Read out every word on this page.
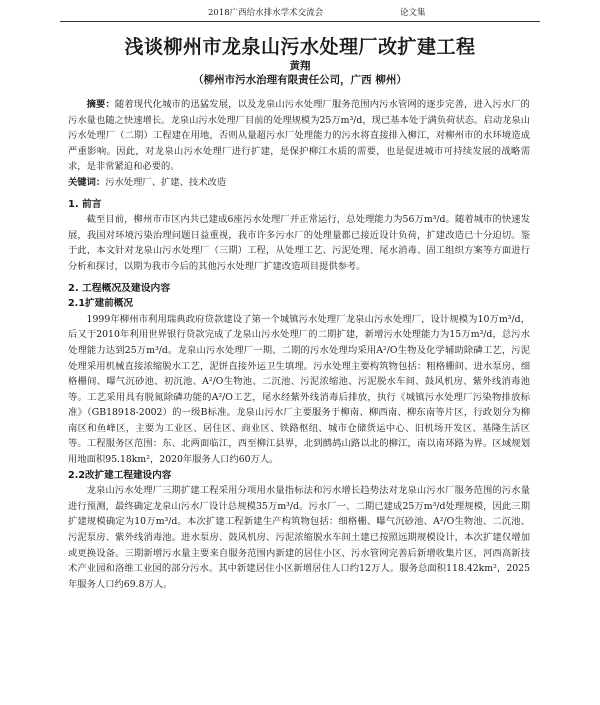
2018广西给水排水学术交流会	论文集
浅谈柳州市龙泉山污水处理厂改扩建工程
黄翔
（柳州市污水治理有限责任公司，广西 柳州）

摘要：随着现代化城市的迅猛发展，以及龙泉山污水处理厂服务范围内污水管网的逐步完善，进入污水厂的污水量也随之快速增长。龙泉山污水处理厂目前的处理规模为25万m³/d，现已基本处于满负荷状态。启动龙泉山污水处理厂（二期）工程建在用地，否则从量超污水厂处理能力的污水将直接排入柳江，对柳州市的水环境造成严重影响。因此，对龙泉山污水处理厂进行扩建，是保护柳江水质的需要，也是促进城市可持续发展的战略需求，是非常紧迫和必要的。

关键词：污水处理厂、扩建、技术改造

1. 前言

截至目前，柳州市市区内共已建成6座污水处理厂并正常运行，总处理能力为56万m³/d。随着城市的快速发展，我国对环境污染治理问题日益重视，我市许多污水厂的处理量都已接近设计负荷，扩建改造已十分迫切。鉴于此，本文针对龙泉山污水处理厂（三期）工程，从处理工艺、污泥处理、尾水消毒、固工组织方案等方面进行分析和探讨，以期为我市今后的其他污水处理厂扩建改造项目提供参考。

2. 工程概况及建设内容

2.1扩建前概况

1999年柳州市利用瑞典政府贷款建设了第一个城镇污水处理厂龙泉山污水处理厂，设计规模为10万m³/d，后又于2010年利用世界银行贷款完成了龙泉山污水处理厂的二期扩建，新增污水处理能力为15万m³/d，总污水处理能力达到25万m³/d。龙泉山污水处理厂一期、二期的污水处理均采用A²/O生物及化学辅助除磷工艺，污泥处理采用机械直接浓缩脱水工艺，泥饼直接外运卫生填埋。污水处理主要构筑物包括：粗格栅间、进水泵房、细格栅间、曝气沉砂池、初沉池、A²/O生物池、二沉池、污泥浓缩池、污泥脱水车间、鼓风机房、紫外线消毒池等。工艺采用具有脱氮除磷功能的A²/O工艺，尾水经紫外线消毒后排放，执行《城镇污水处理厂污染物排放标准》（GB18918-2002）的一级B标准。龙泉山污水厂主要服务于柳南、柳西南、柳东南等片区，行政划分为柳南区和鱼峰区，主要为工业区、居住区、商业区、铁路枢纽、城市仓储货运中心、旧机场开发区、基隆生活区等。工程服务区范围：东、北两面临江，西至柳江县界，北到鹧鸪山路以北的柳江，南以南环路为界。区域规划用地面积95.18km²，2020年服务人口约60万人。

2.2改扩建工程建设内容

龙泉山污水处理厂三期扩建工程采用分项用水量指标法和污水增长趋势法对龙泉山污水厂服务范围的污水量进行预测，最终确定龙泉山污水厂设计总规模35万m³/d。污水厂一、二期已建成25万m³/d处理规模，因此三期扩建规模确定为10万m³/d。本次扩建工程新建生产构筑物包括：细格栅、曝气沉砂池、A²/O生物池、二沉池、污泥泵房、紫外线消毒池。进水泵房、鼓风机房、污泥浓缩脱水车间土建已按照远期规模设计，本次扩建仅增加或更换设备。三期新增污水量主要来自服务范围内新建的居住小区、污水管网完善后新增收集片区，河西高新技术产业园和洛维工业园的部分污水。其中新建居住小区新增居住人口约12万人。服务总面积118.42km²，2025年服务人口约69.8万人。
